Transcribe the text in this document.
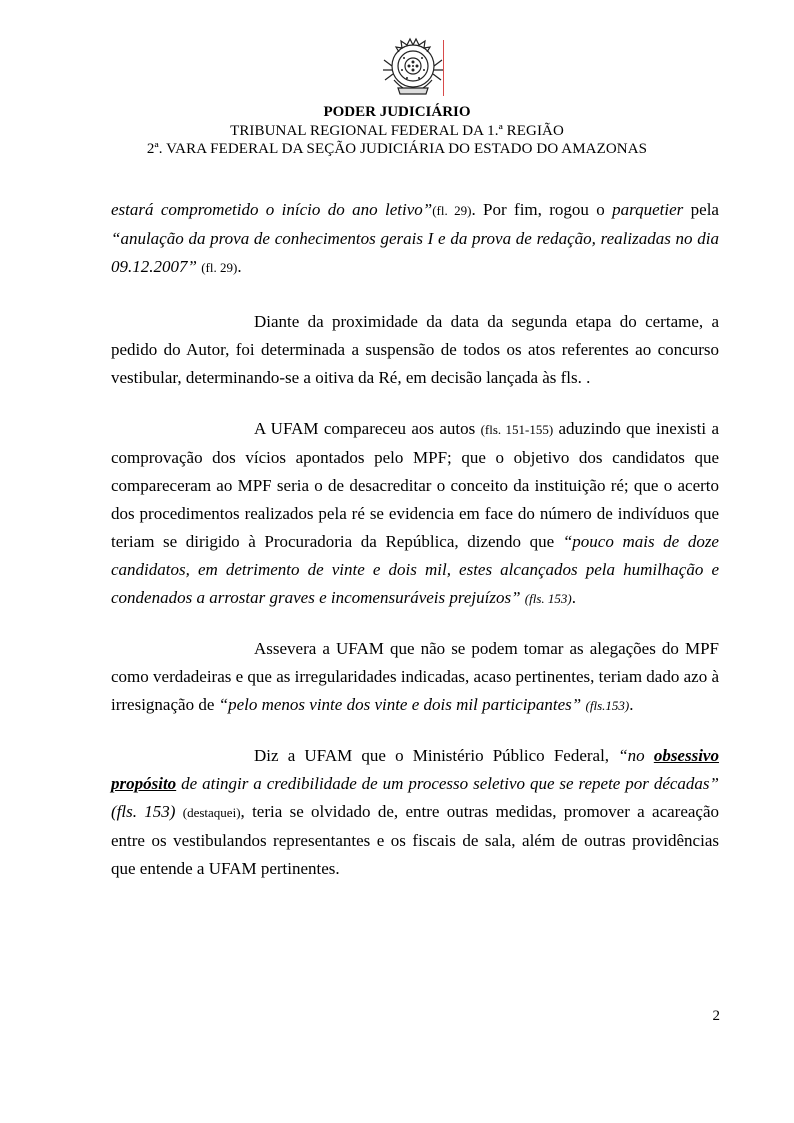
PODER JUDICIÁRIO
TRIBUNAL REGIONAL FEDERAL DA 1.ª REGIÃO
2ª. VARA FEDERAL DA SEÇÃO JUDICIÁRIA DO ESTADO DO AMAZONAS

estará comprometido o início do ano letivo”(fl. 29). Por fim, rogou o parquetier pela “anulação da prova de conhecimentos gerais I e da prova de redação, realizadas no dia 09.12.2007” (fl. 29).

Diante da proximidade da data da segunda etapa do certame, a pedido do Autor, foi determinada a suspensão de todos os atos referentes ao concurso vestibular, determinando-se a oitiva da Ré, em decisão lançada às fls. .

A UFAM compareceu aos autos (fls. 151-155) aduzindo que inexisti a comprovação dos vícios apontados pelo MPF; que o objetivo dos candidatos que compareceram ao MPF seria o de desacreditar o conceito da instituição ré; que o acerto dos procedimentos realizados pela ré se evidencia em face do número de indivíduos que teriam se dirigido à Procuradoria da República, dizendo que “pouco mais de doze candidatos, em detrimento de vinte e dois mil, estes alcançados pela humilhação e condenados a arrostar graves e incomensuráveis prejuízos” (fls. 153).

Assevera a UFAM que não se podem tomar as alegações do MPF como verdadeiras e que as irregularidades indicadas, acaso pertinentes, teriam dado azo à irresignação de “pelo menos vinte dos vinte e dois mil participantes” (fls.153).

Diz a UFAM que o Ministério Público Federal, “no obsessivo propósito de atingir a credibilidade de um processo seletivo que se repete por décadas” (fls. 153) (destaquei), teria se olvidado de, entre outras medidas, promover a acareação entre os vestibulandos representantes e os fiscais de sala, além de outras providências que entende a UFAM pertinentes.

2
